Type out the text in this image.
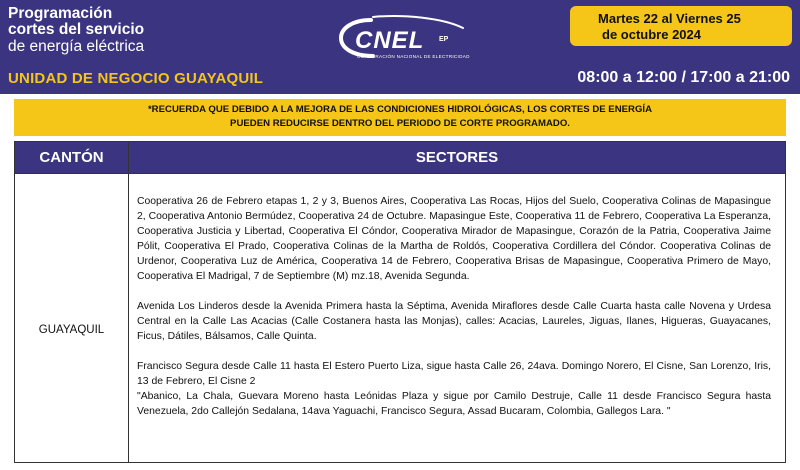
Programación
cortes del servicio
de energía eléctrica
UNIDAD DE NEGOCIO GUAYAQUIL
CNEL EP
CORPORACIÓN NACIONAL DE ELECTRICIDAD
Martes 22 al Viernes 25
de octubre 2024
08:00 a 12:00 / 17:00 a 21:00
*RECUERDA QUE DEBIDO A LA MEJORA DE LAS CONDICIONES HIDROLÓGICAS, LOS CORTES DE ENERGÍA
PUEDEN REDUCIRSE DENTRO DEL PERIODO DE CORTE PROGRAMADO.
CANTÓN	SECTORES
GUAYAQUIL

Cooperativa 26 de Febrero etapas 1, 2 y 3, Buenos Aires, Cooperativa Las Rocas, Hijos del Suelo, Cooperativa Colinas de Mapasingue 2, Cooperativa Antonio Bermúdez, Cooperativa 24 de Octubre. Mapasingue Este, Cooperativa 11 de Febrero, Cooperativa La Esperanza, Cooperativa Justicia y Libertad, Cooperativa El Cóndor, Cooperativa Mirador de Mapasingue, Corazón de la Patria, Cooperativa Jaime Pólit, Cooperativa El Prado, Cooperativa Colinas de la Martha de Roldós, Cooperativa Cordillera del Cóndor. Cooperativa Colinas de Urdenor, Cooperativa Luz de América, Cooperativa 14 de Febrero, Cooperativa Brisas de Mapasingue, Cooperativa Primero de Mayo, Cooperativa El Madrigal, 7 de Septiembre (M) mz.18, Avenida Segunda.

Avenida Los Linderos desde la Avenida Primera hasta la Séptima, Avenida Miraflores desde Calle Cuarta hasta calle Novena y Urdesa Central en la Calle Las Acacias (Calle Costanera hasta las Monjas), calles: Acacias, Laureles, Jiguas, Ilanes, Higueras, Guayacanes, Ficus, Dátiles, Bálsamos, Calle Quinta.

Francisco Segura desde Calle 11 hasta El Estero Puerto Liza, sigue hasta Calle 26, 24ava. Domingo Norero, El Cisne, San Lorenzo, Iris, 13 de Febrero, El Cisne 2
"Abanico, La Chala, Guevara Moreno hasta Leónidas Plaza y sigue por Camilo Destruje, Calle 11 desde Francisco Segura hasta Venezuela, 2do Callejón Sedalana, 14ava Yaguachi, Francisco Segura, Assad Bucaram, Colombia, Gallegos Lara. "
